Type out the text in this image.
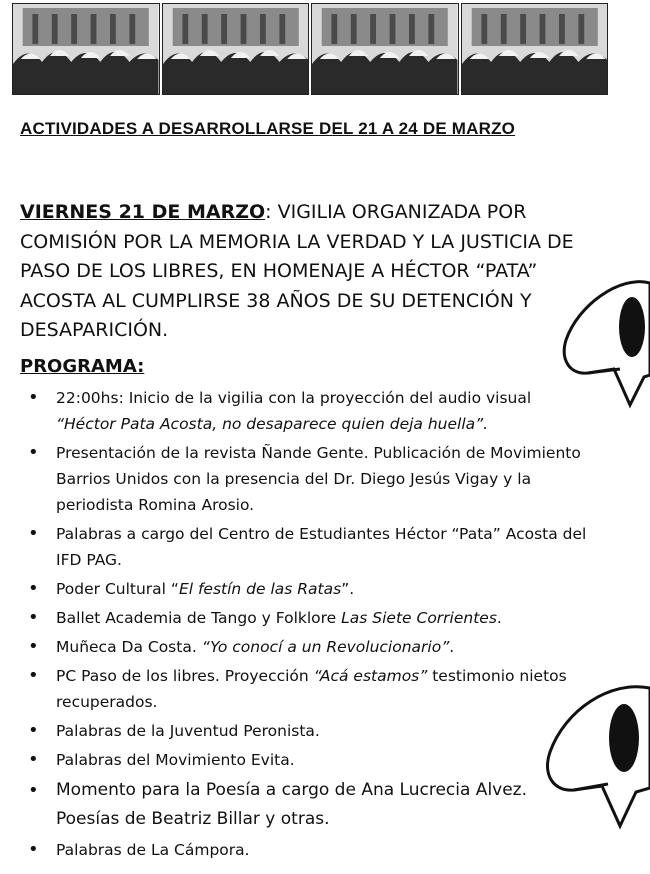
ACTIVIDADES A DESARROLLARSE DEL 21 A 24 DE MARZO
VIERNES 21 DE MARZO: VIGILIA ORGANIZADA POR COMISIÓN POR LA MEMORIA LA VERDAD Y LA JUSTICIA DE PASO DE LOS LIBRES, EN HOMENAJE A HÉCTOR “PATA” ACOSTA AL CUMPLIRSE 38 AÑOS DE SU DETENCIÓN Y DESAPARICIÓN.
PROGRAMA:
• 22:00hs: Inicio de la vigilia con la proyección del audio visual
“Héctor Pata Acosta, no desaparece quien deja huella”.
• Presentación de la revista Ñande Gente. Publicación de Movimiento Barrios Unidos con la presencia del Dr. Diego Jesús Vigay y la periodista Romina Arosio.
• Palabras a cargo del Centro de Estudiantes Héctor “Pata” Acosta del IFD PAG.
• Poder Cultural “El festín de las Ratas”.
• Ballet Academia de Tango y Folklore Las Siete Corrientes.
• Muñeca Da Costa. “Yo conocí a un Revolucionario”.
• PC Paso de los libres. Proyección “Acá estamos” testimonio nietos recuperados.
• Palabras de la Juventud Peronista.
• Palabras del Movimiento Evita.
• Momento para la Poesía a cargo de Ana Lucrecia Alvez. Poesías de Beatriz Billar y otras.
• Palabras de La Cámpora.
